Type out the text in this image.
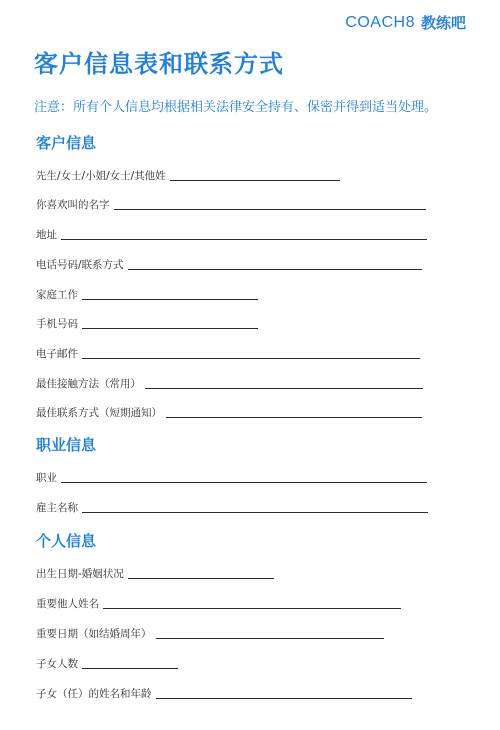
COACH8 教练吧
客户信息表和联系方式
注意：所有个人信息均根据相关法律安全持有、保密并得到适当处理。
客户信息
先生/女士/小姐/女士/其他姓
你喜欢叫的名字
地址
电话号码/联系方式
家庭工作
手机号码
电子邮件
最佳接触方法（常用）
最佳联系方式（短期通知）
职业信息
职业
雇主名称
个人信息
出生日期-婚姻状况
重要他人姓名
重要日期（如结婚周年）
子女人数
子女（任）的姓名和年龄
